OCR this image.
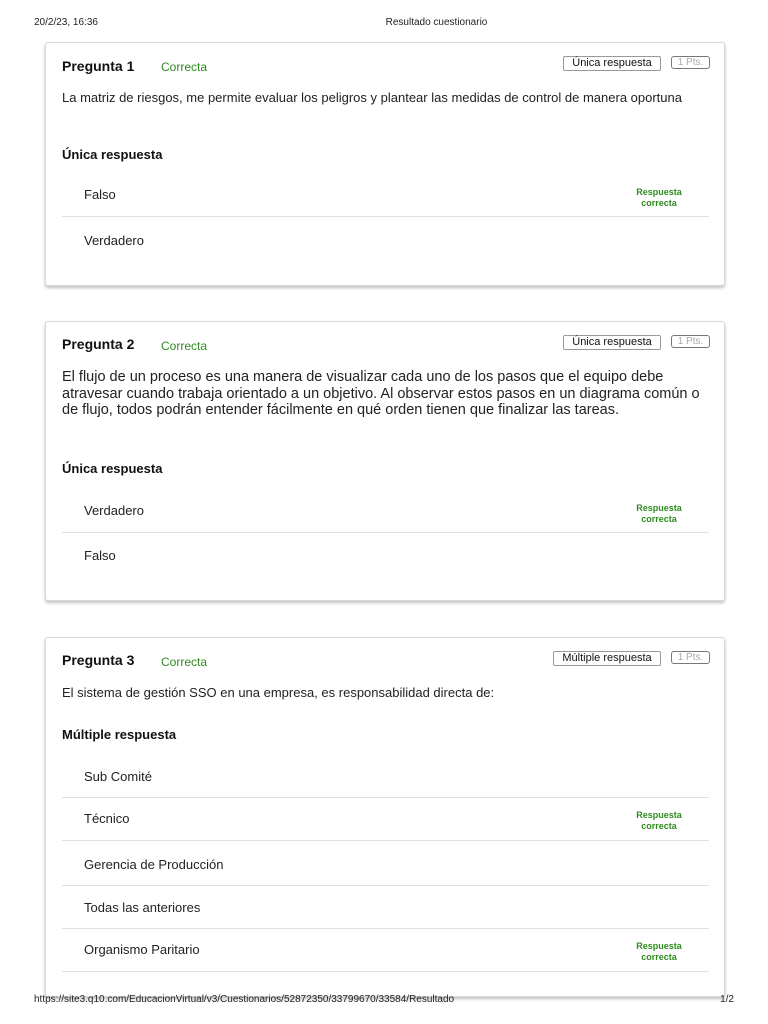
20/2/23, 16:36	Resultado cuestionario
Pregunta 1 Correcta	Única respuesta	1 Pts.
La matriz de riesgos, me permite evaluar los peligros y plantear las medidas de control de manera oportuna
Única respuesta
Falso	Respuesta
correcta
Verdadero
Pregunta 2 Correcta	Única respuesta	1 Pts.
El flujo de un proceso es una manera de visualizar cada uno de los pasos que el equipo debe atravesar cuando trabaja orientado a un objetivo. Al observar estos pasos en un diagrama común o de flujo, todos podrán entender fácilmente en qué orden tienen que finalizar las tareas.
Única respuesta
Verdadero	Respuesta
correcta
Falso
Pregunta 3 Correcta	Múltiple respuesta	1 Pts.
El sistema de gestión SSO en una empresa, es responsabilidad directa de:
Múltiple respuesta
Sub Comité
Técnico	Respuesta
correcta
Gerencia de Producción
Todas las anteriores
Organismo Paritario	Respuesta
correcta
https://site3.q10.com/EducacionVirtual/v3/Cuestionarios/52872350/33799670/33584/Resultado	1/2
